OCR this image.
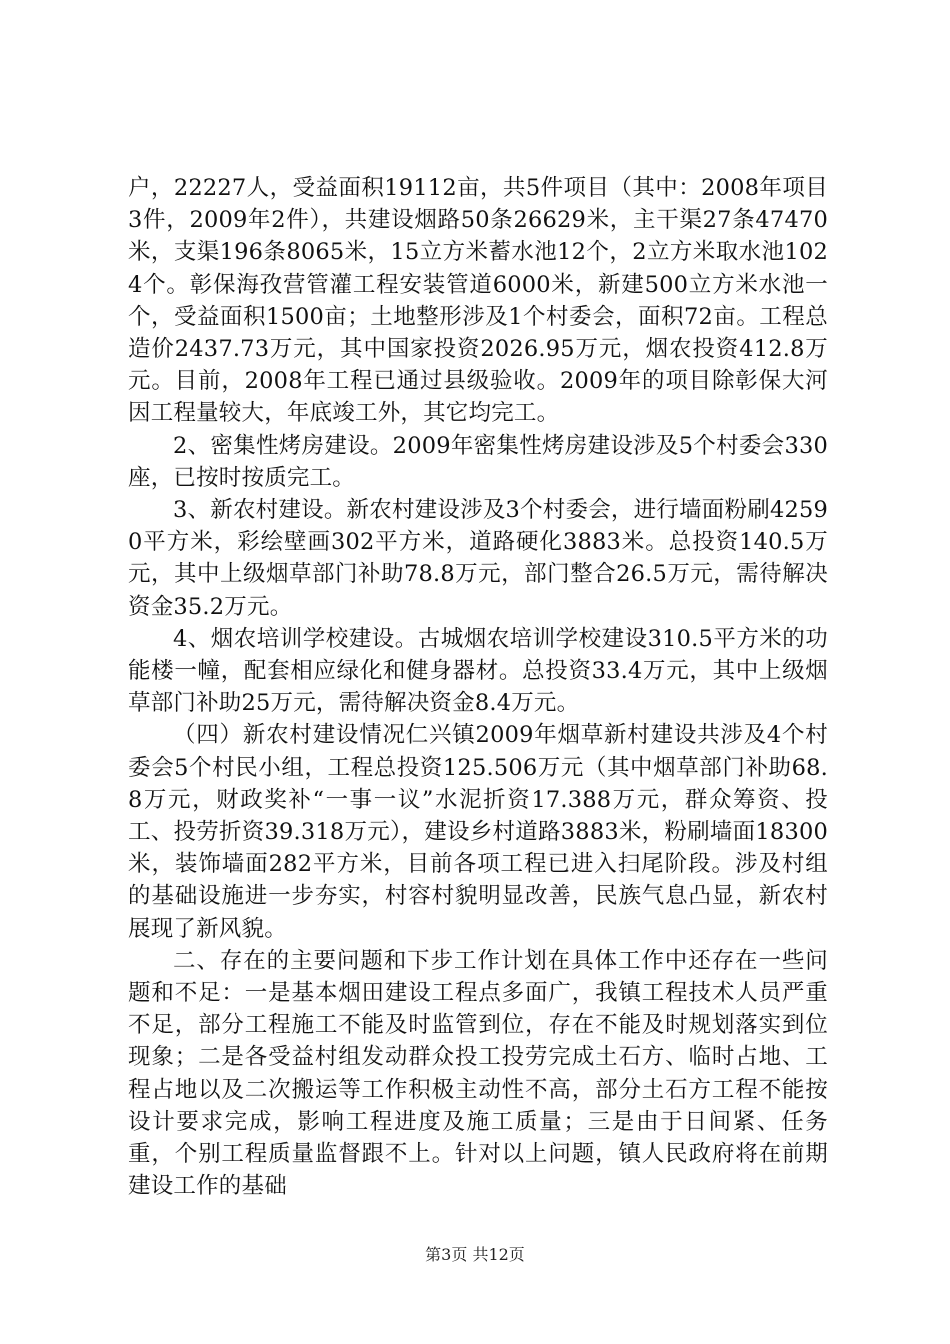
户，22227人，受益面积19112亩，共5件项目（其中：2008年项目3件，2009年2件），共建设烟路50条26629米，主干渠27条47470米，支渠196条8065米，15立方米蓄水池12个，2立方米取水池1024个。彰保海孜营管灌工程安装管道6000米，新建500立方米水池一个，受益面积1500亩；土地整形涉及1个村委会，面积72亩。工程总造价2437.73万元，其中国家投资2026.95万元，烟农投资412.8万元。目前，2008年工程已通过县级验收。2009年的项目除彰保大河因工程量较大，年底竣工外，其它均完工。

2、密集性烤房建设。2009年密集性烤房建设涉及5个村委会330座，已按时按质完工。

3、新农村建设。新农村建设涉及3个村委会，进行墙面粉刷42590平方米，彩绘壁画302平方米，道路硬化3883米。总投资140.5万元，其中上级烟草部门补助78.8万元，部门整合26.5万元，需待解决资金35.2万元。

4、烟农培训学校建设。古城烟农培训学校建设310.5平方米的功能楼一幢，配套相应绿化和健身器材。总投资33.4万元，其中上级烟草部门补助25万元，需待解决资金8.4万元。

（四）新农村建设情况仁兴镇2009年烟草新村建设共涉及4个村委会5个村民小组，工程总投资125.506万元（其中烟草部门补助68.8万元，财政奖补“一事一议”水泥折资17.388万元，群众筹资、投工、投劳折资39.318万元），建设乡村道路3883米，粉刷墙面18300米，装饰墙面282平方米，目前各项工程已进入扫尾阶段。涉及村组的基础设施进一步夯实，村容村貌明显改善，民族气息凸显，新农村展现了新风貌。

二、存在的主要问题和下步工作计划在具体工作中还存在一些问题和不足：一是基本烟田建设工程点多面广，我镇工程技术人员严重不足，部分工程施工不能及时监管到位，存在不能及时规划落实到位现象；二是各受益村组发动群众投工投劳完成土石方、临时占地、工程占地以及二次搬运等工作积极主动性不高，部分土石方工程不能按设计要求完成，影响工程进度及施工质量；三是由于日间紧、任务重，个别工程质量监督跟不上。针对以上问题，镇人民政府将在前期建设工作的基础

第3页 共12页
